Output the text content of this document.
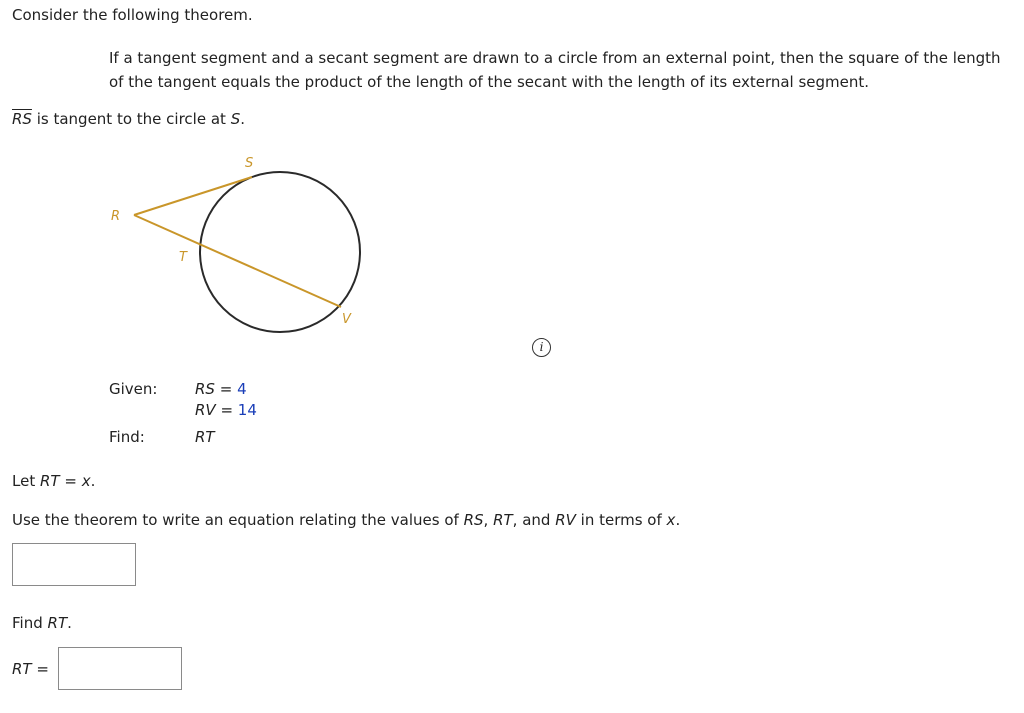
Consider the following theorem.
If a tangent segment and a secant segment are drawn to a circle from an external point, then the square of the length of the tangent equals the product of the length of the secant with the length of its external segment.
$\overline{RS}$ is tangent to the circle at S.
S
R
T
V
i
Given:	RS = 4
RV = 14
Find:	RT
Let RT = x.
Use the theorem to write an equation relating the values of RS, RT, and RV in terms of x.
Find RT.
RT =
